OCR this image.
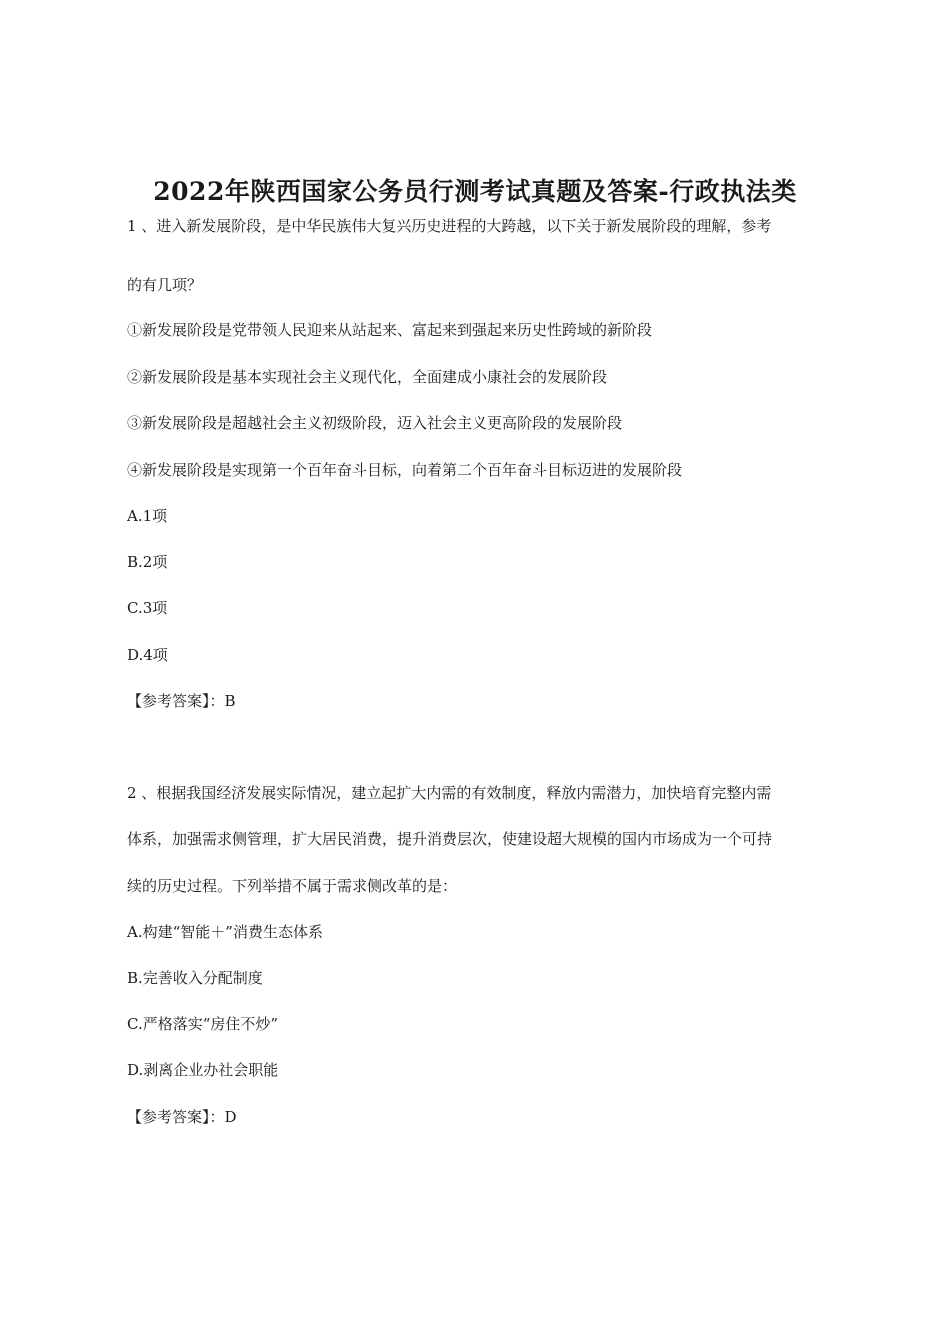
2022年陕西国家公务员行测考试真题及答案-行政执法类
1 、进入新发展阶段，是中华民族伟大复兴历史进程的大跨越，以下关于新发展阶段的理解，参考
的有几项？
①新发展阶段是党带领人民迎来从站起来、富起来到强起来历史性跨域的新阶段
②新发展阶段是基本实现社会主义现代化，全面建成小康社会的发展阶段
③新发展阶段是超越社会主义初级阶段，迈入社会主义更高阶段的发展阶段
④新发展阶段是实现第一个百年奋斗目标，向着第二个百年奋斗目标迈进的发展阶段
A.1项
B.2项
C.3项
D.4项
【参考答案】：B
2 、根据我国经济发展实际情况，建立起扩大内需的有效制度，释放内需潜力，加快培育完整内需
体系，加强需求侧管理，扩大居民消费，提升消费层次，使建设超大规模的国内市场成为一个可持
续的历史过程。下列举措不属于需求侧改革的是：
A.构建“智能＋”消费生态体系
B.完善收入分配制度
C.严格落实“房住不炒”
D.剥离企业办社会职能
【参考答案】：D
